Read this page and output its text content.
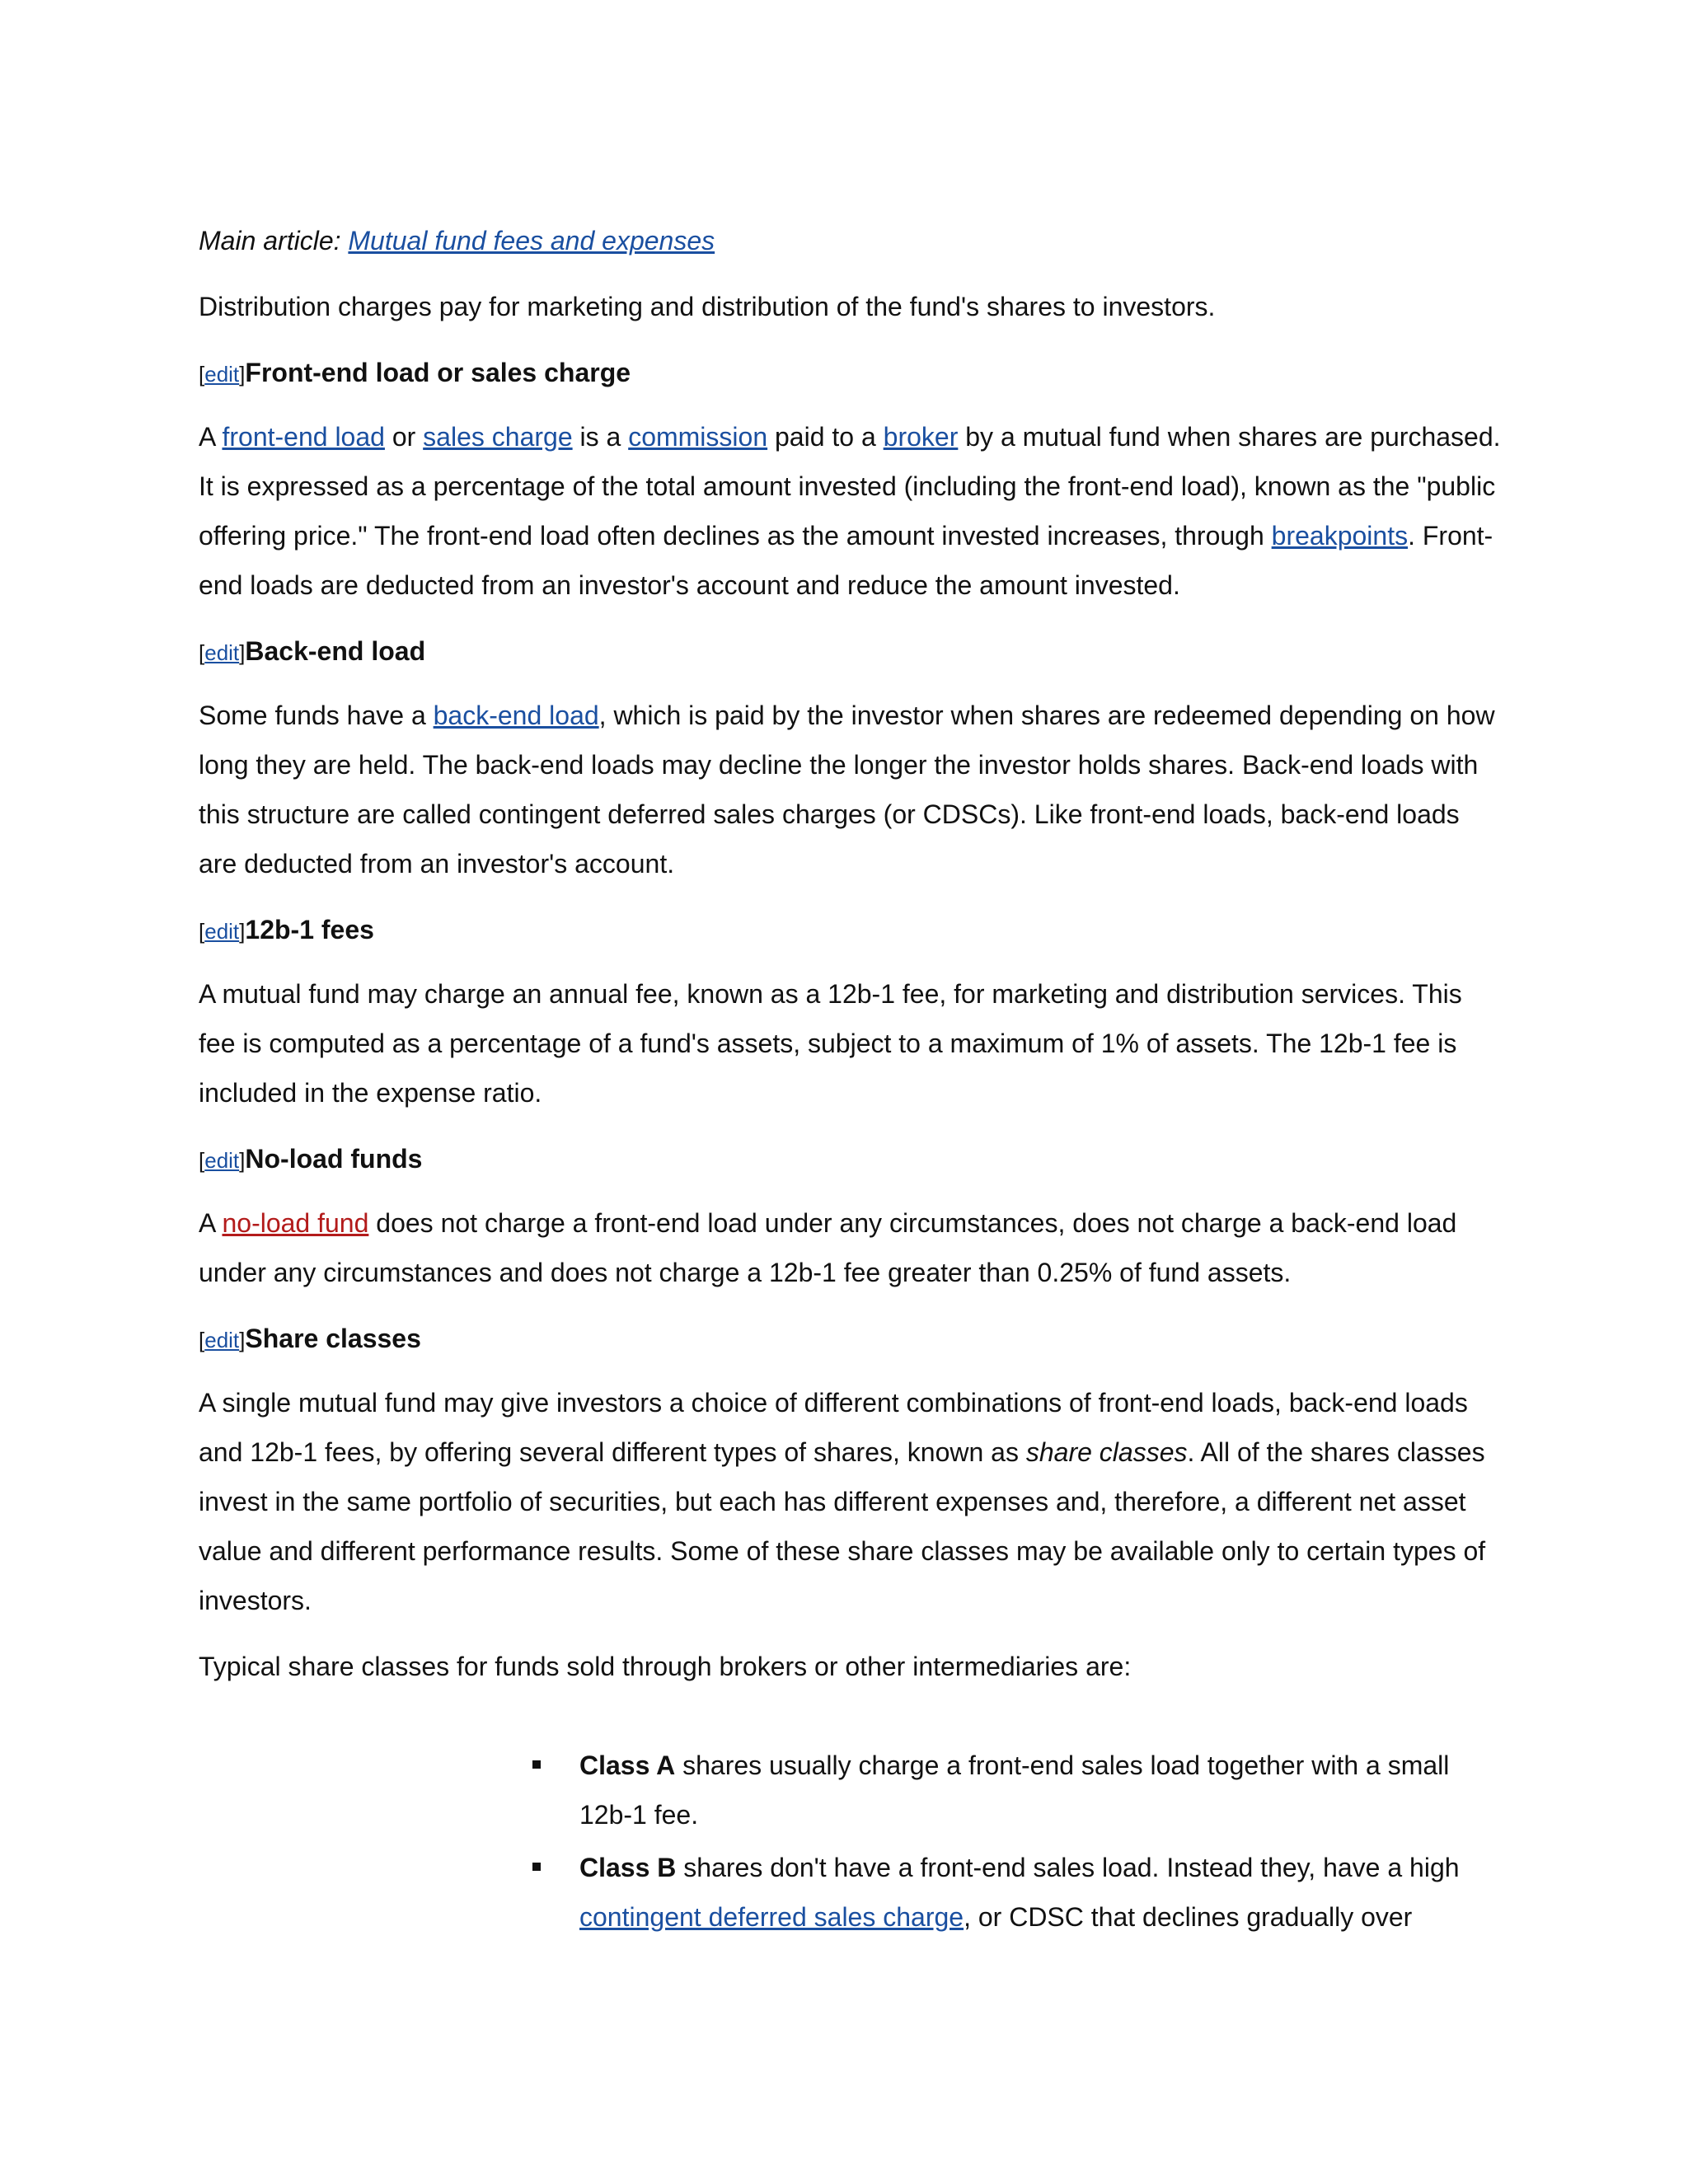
Main article: Mutual fund fees and expenses

Distribution charges pay for marketing and distribution of the fund's shares to investors.

[edit]Front-end load or sales charge

A front-end load or sales charge is a commission paid to a broker by a mutual fund when shares are purchased. It is expressed as a percentage of the total amount invested (including the front-end load), known as the "public offering price." The front-end load often declines as the amount invested increases, through breakpoints. Front-end loads are deducted from an investor's account and reduce the amount invested.

[edit]Back-end load

Some funds have a back-end load, which is paid by the investor when shares are redeemed depending on how long they are held. The back-end loads may decline the longer the investor holds shares. Back-end loads with this structure are called contingent deferred sales charges (or CDSCs). Like front-end loads, back-end loads are deducted from an investor's account.

[edit]12b-1 fees

A mutual fund may charge an annual fee, known as a 12b-1 fee, for marketing and distribution services. This fee is computed as a percentage of a fund's assets, subject to a maximum of 1% of assets. The 12b-1 fee is included in the expense ratio.

[edit]No-load funds

A no-load fund does not charge a front-end load under any circumstances, does not charge a back-end load under any circumstances and does not charge a 12b-1 fee greater than 0.25% of fund assets.

[edit]Share classes

A single mutual fund may give investors a choice of different combinations of front-end loads, back-end loads and 12b-1 fees, by offering several different types of shares, known as share classes. All of the shares classes invest in the same portfolio of securities, but each has different expenses and, therefore, a different net asset value and different performance results. Some of these share classes may be available only to certain types of investors.

Typical share classes for funds sold through brokers or other intermediaries are:

Class A shares usually charge a front-end sales load together with a small 12b-1 fee.
Class B shares don't have a front-end sales load. Instead they, have a high contingent deferred sales charge, or CDSC that declines gradually over
